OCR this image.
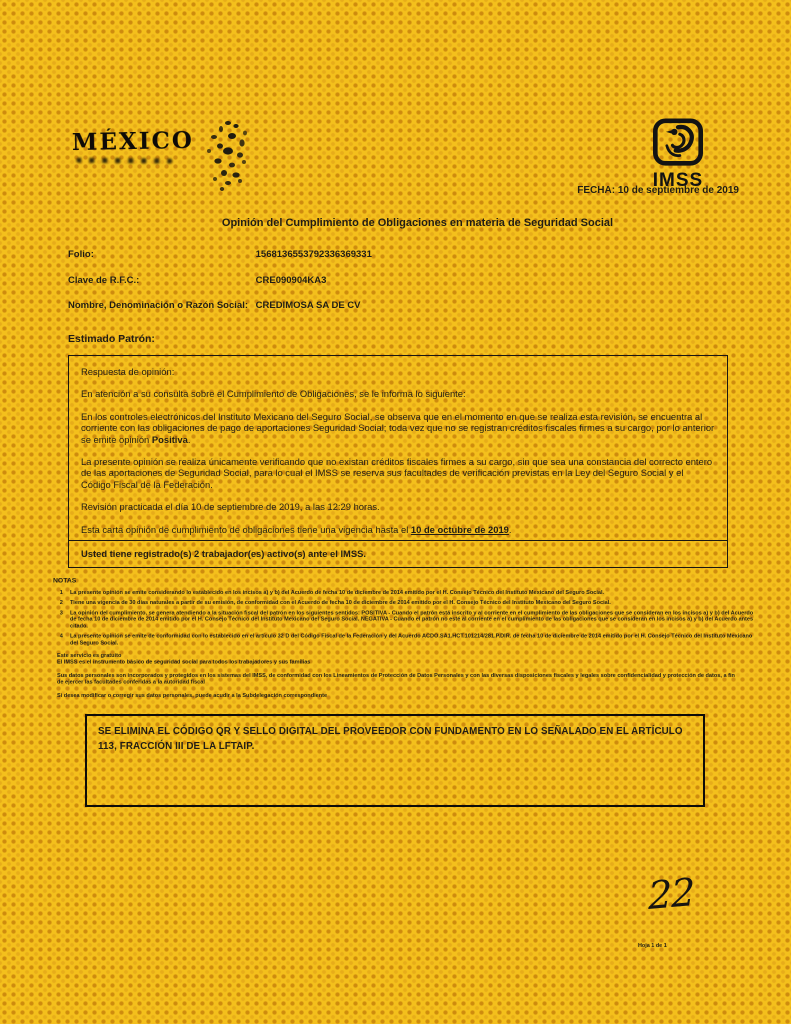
MÉXICO
IMSS
FECHA: 10 de septiembre de 2019
Opinión del Cumplimiento de Obligaciones en materia de Seguridad Social
Folio:	1568136553792336369331
Clave de R.F.C.:	CRE090904KA3
Nombre, Denominación o Razón Social: CREDIMOSA SA DE CV
Estimado Patrón:

Respuesta de opinión:

En atención a su consulta sobre el Cumplimiento de Obligaciones, se le informa lo siguiente:

En los controles electrónicos del Instituto Mexicano del Seguro Social, se observa que en el momento en que se realiza esta revisión, se encuentra al corriente con las obligaciones de pago de aportaciones Seguridad Social; toda vez que no se registran créditos fiscales firmes a su cargo, por lo anterior se emite opinión Positiva.

La presente opinión se realiza únicamente verificando que no existan créditos fiscales firmes a su cargo, sin que sea una constancia del correcto entero de las aportaciones de Seguridad Social, para lo cual el IMSS se reserva sus facultades de verificación previstas en la Ley del Seguro Social y el Código Fiscal de la Federación.

Revisión practicada el día 10 de septiembre de 2019, a las 12:29 horas.

Esta carta opinión de cumplimiento de obligaciones tiene una vigencia hasta el 10 de octubre de 2019.

Usted tiene registrado(s) 2 trabajador(es) activo(s) ante el IMSS.
NOTAS
1 La presente opinión se emite considerando lo establecido en los incisos a) y b) del Acuerdo de fecha 10 de diciembre de 2014 emitido por el H. Consejo Técnico del Instituto Mexicano del Seguro Social.
2 Tiene una vigencia de 30 días naturales a partir de su emisión, de conformidad con el Acuerdo de fecha 10 de diciembre de 2014 emitido por el H. Consejo Técnico del Instituto Mexicano del Seguro Social.
3 La opinión del cumplimiento, se genera atendiendo a la situación fiscal del patrón en los siguientes sentidos: POSITIVA - Cuando el patrón está inscrito y al corriente en el cumplimiento de las obligaciones que se consideran en los incisos a) y b) del Acuerdo de fecha 10 de diciembre de 2014 emitido por el H. Consejo Técnico del Instituto Mexicano del Seguro Social. NEGATIVA - Cuando el patrón no esté al corriente en el cumplimiento de las obligaciones que se consideran en los incisos a) y b) del Acuerdo antes citado.
4 La presente opinión se emite de conformidad con lo establecido en el artículo 32 D del Código Fiscal de la Federación y del Acuerdo ACDO.SA1.HCT.101214/281.P.DIR. de fecha 10 de diciembre de 2014 emitido por el H. Consejo Técnico del Instituto Mexicano del Seguro Social.

Este servicio es gratuito

El IMSS es el instrumento básico de seguridad social para todos los trabajadores y sus familias

Sus datos personales son incorporados y protegidos en los sistemas del IMSS, de conformidad con los Lineamientos de Protección de Datos Personales y con las diversas disposiciones fiscales y legales sobre confidencialidad y protección de datos, a fin de ejercer las facultades conferidas a la autoridad fiscal

Si desea modificar o corregir sus datos personales, puede acudir a la Subdelegación correspondiente

SE ELIMINA EL CÓDIGO QR Y SELLO DIGITAL DEL PROVEEDOR CON FUNDAMENTO EN LO SEÑALADO EN EL ARTÍCULO 113, FRACCIÓN III DE LA LFTAIP.
22
Hoja 1 de 1
